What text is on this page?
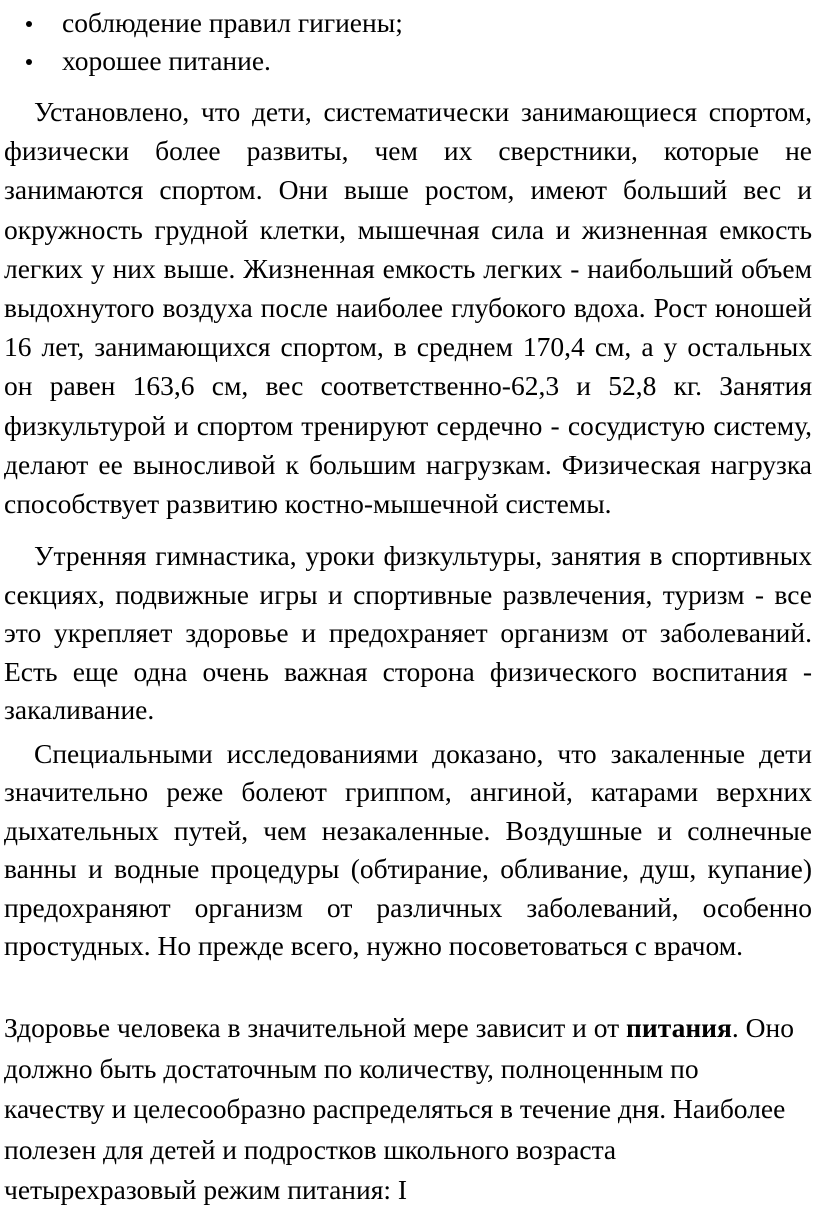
соблюдение правил гигиены;
хорошее питание.

Установлено, что дети, систематически занимающиеся спортом, физически более развиты, чем их сверстники, которые не занимаются спортом. Они выше ростом, имеют больший вес и окружность грудной клетки, мышечная сила и жизненная емкость легких у них выше. Жизненная емкость легких - наибольший объем выдохнутого воздуха после наиболее глубокого вдоха. Рост юношей 16 лет, занимающихся спортом, в среднем 170,4 см, а у остальных он равен 163,6 см, вес соответственно-62,3 и 52,8 кг. Занятия физкультурой и спортом тренируют сердечно - сосудистую систему, делают ее выносливой к большим нагрузкам. Физическая нагрузка способствует развитию костно-мышечной системы.

Утренняя гимнастика, уроки физкультуры, занятия в спортивных секциях, подвижные игры и спортивные развлечения, туризм - все это укрепляет здоровье и предохраняет организм от заболеваний. Есть еще одна очень важная сторона физического воспитания - закаливание.

Специальными исследованиями доказано, что закаленные дети значительно реже болеют гриппом, ангиной, катарами верхних дыхательных путей, чем незакаленные. Воздушные и солнечные ванны и водные процедуры (обтирание, обливание, душ, купание) предохраняют организм от различных заболеваний, особенно простудных. Но прежде всего, нужно посоветоваться с врачом.

Здоровье человека в значительной мере зависит и от питания. Оно должно быть достаточным по количеству, полноценным по качеству и целесообразно распределяться в течение дня. Наиболее полезен для детей и подростков школьного возраста четырехразовый режим питания: I
